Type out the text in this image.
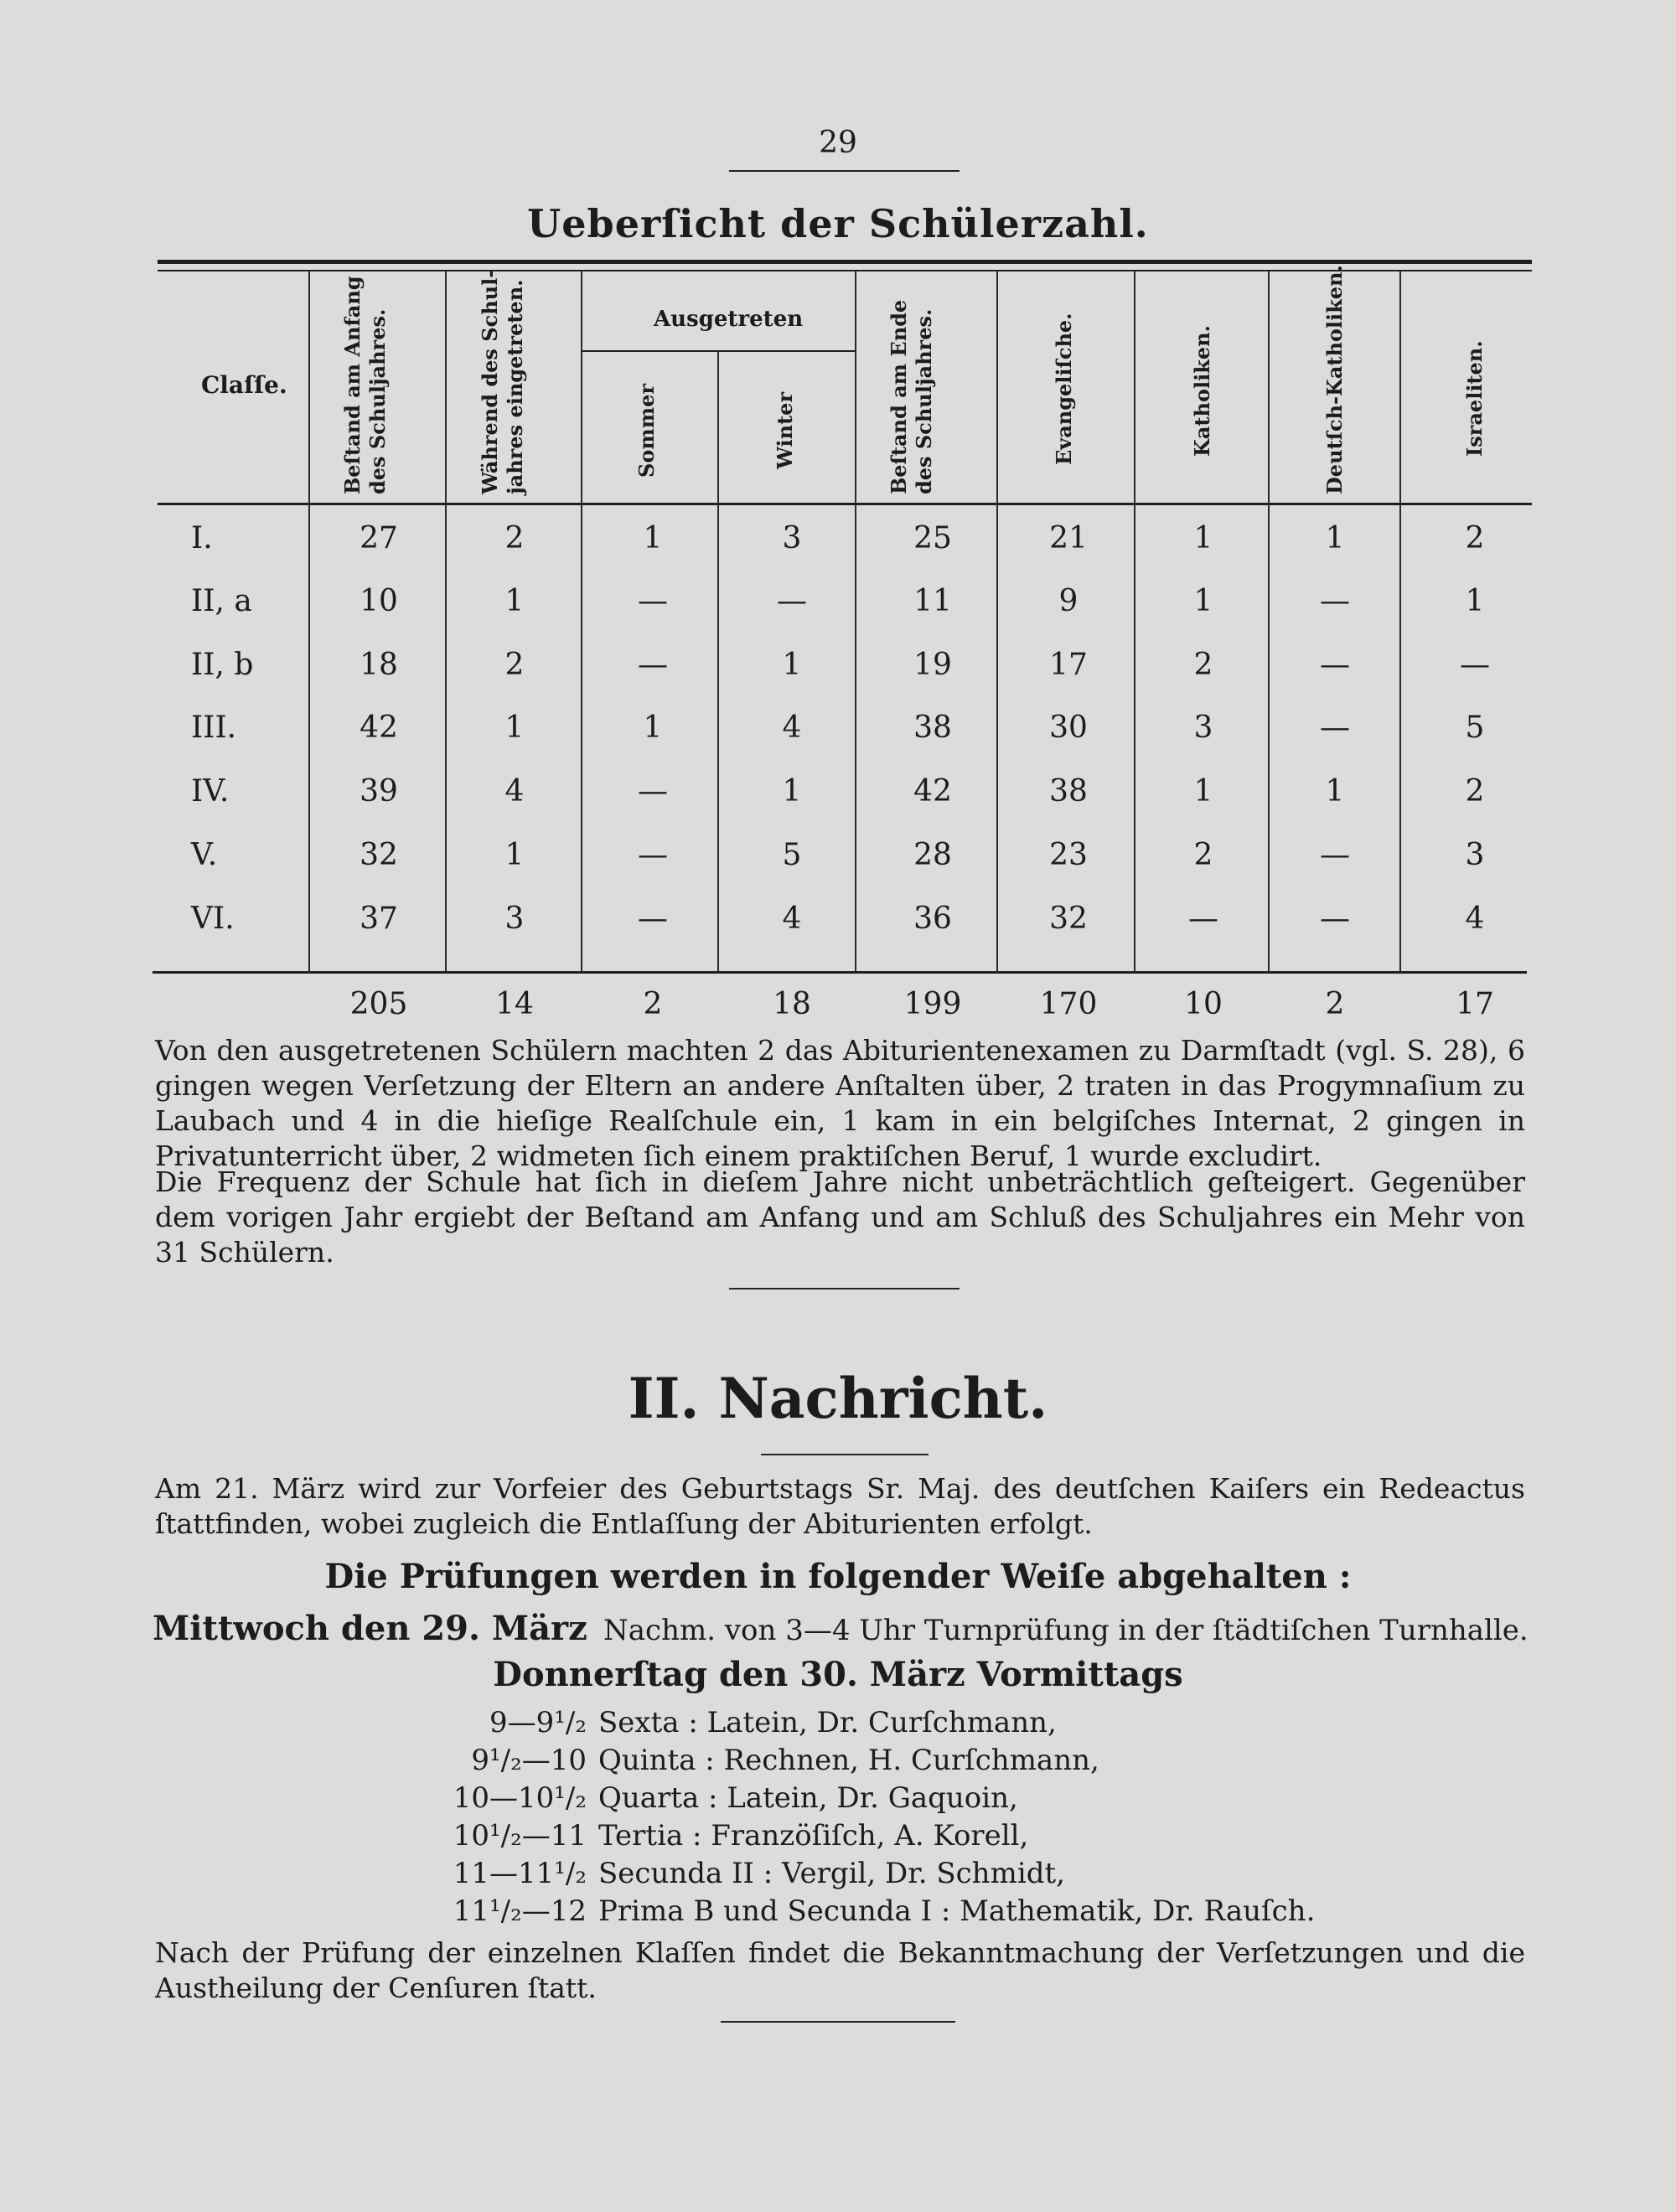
29
Ueberſicht der Schülerzahl.
Claſſe.
Ausgetreten
Beſtand am Anfang des Schuljahres.	Während des Schul-jahres eingetreten.	Sommer	Winter	Beſtand am Ende des Schuljahres.	Evangeliſche.	Katholiken.	Deutſch-Katholiken.	Israeliten.
I.	27	2	1	3	25	21	1	1	2
II, a	10	1	—	—	11	9	1	—	1
II, b	18	2	—	1	19	17	2	—	—
III.	42	1	1	4	38	30	3	—	5
IV.	39	4	—	1	42	38	1	1	2
V.	32	1	—	5	28	23	2	—	3
VI.	37	3	—	4	36	32	—	—	4
205	14	2	18	199	170	10	2	17
Von den ausgetretenen Schülern machten 2 das Abiturientenexamen zu Darmſtadt (vgl. S. 28), 6 gingen wegen Verſetzung der Eltern an andere Anſtalten über, 2 traten in das Progymnaſium zu Laubach und 4 in die hieſige Realſchule ein, 1 kam in ein belgiſches Internat, 2 gingen in Privatunterricht über, 2 widmeten ſich einem praktiſchen Beruf, 1 wurde excludirt.
Die Frequenz der Schule hat ſich in dieſem Jahre nicht unbeträchtlich geſteigert. Gegenüber dem vorigen Jahr ergiebt der Beſtand am Anfang und am Schluß des Schuljahres ein Mehr von 31 Schülern.
II. Nachricht.
Am 21. März wird zur Vorfeier des Geburtstags Sr. Maj. des deutſchen Kaiſers ein Redeactus ſtattfinden, wobei zugleich die Entlaſſung der Abiturienten erfolgt.
Die Prüfungen werden in folgender Weiſe abgehalten :
Mittwoch den 29. März Nachm. von 3—4 Uhr Turnprüfung in der ſtädtiſchen Turnhalle.
Donnerſtag den 30. März Vormittags
9—9¹/₂ Sexta : Latein, Dr. Curſchmann,
9¹/₂—10 Quinta : Rechnen, H. Curſchmann,
10—10¹/₂ Quarta : Latein, Dr. Gaquoin,
10¹/₂—11 Tertia : Franzöſiſch, A. Korell,
11—11¹/₂ Secunda II : Vergil, Dr. Schmidt,
11¹/₂—12 Prima B und Secunda I : Mathematik, Dr. Rauſch.
Nach der Prüfung der einzelnen Klaſſen findet die Bekanntmachung der Verſetzungen und die Austheilung der Cenſuren ſtatt.
